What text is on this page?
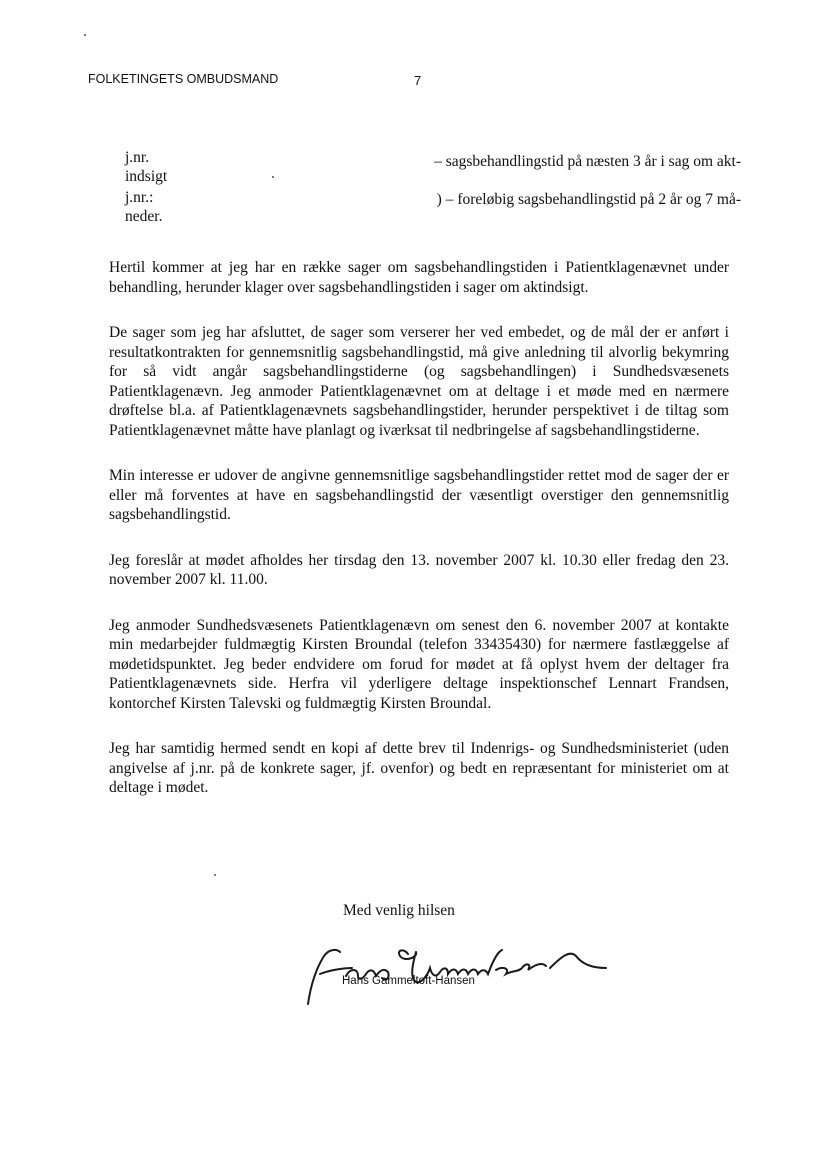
FOLKETINGETS OMBUDSMAND	7
j.nr.
indsigt
– sagsbehandlingstid på næsten 3 år i sag om akt-
j.nr.:
neder.
) – foreløbig sagsbehandlingstid på 2 år og 7 må-

Hertil kommer at jeg har en række sager om sagsbehandlingstiden i Patientklagenævnet under behandling, herunder klager over sagsbehandlingstiden i sager om aktindsigt.

De sager som jeg har afsluttet, de sager som verserer her ved embedet, og de mål der er anført i resultatkontrakten for gennemsnitlig sagsbehandlingstid, må give anledning til alvorlig bekymring for så vidt angår sagsbehandlingstiderne (og sagsbehandlingen) i Sundhedsvæsenets Patientklagenævn. Jeg anmoder Patientklagenævnet om at deltage i et møde med en nærmere drøftelse bl.a. af Patientklagenævnets sagsbehandlingstider, herunder perspektivet i de tiltag som Patientklagenævnet måtte have planlagt og iværksat til nedbringelse af sagsbehandlingstiderne.

Min interesse er udover de angivne gennemsnitlige sagsbehandlingstider rettet mod de sager der er eller må forventes at have en sagsbehandlingstid der væsentligt overstiger den gennemsnitlig sagsbehandlingstid.

Jeg foreslår at mødet afholdes her tirsdag den 13. november 2007 kl. 10.30 eller fredag den 23. november 2007 kl. 11.00.

Jeg anmoder Sundhedsvæsenets Patientklagenævn om senest den 6. november 2007 at kontakte min medarbejder fuldmægtig Kirsten Broundal (telefon 33435430) for nærmere fastlæggelse af mødetidspunktet. Jeg beder endvidere om forud for mødet at få oplyst hvem der deltager fra Patientklagenævnets side. Herfra vil yderligere deltage inspektionschef Lennart Frandsen, kontorchef Kirsten Talevski og fuldmægtig Kirsten Broundal.

Jeg har samtidig hermed sendt en kopi af dette brev til Indenrigs- og Sundhedsministeriet (uden angivelse af j.nr. på de konkrete sager, jf. ovenfor) og bedt en repræsentant for ministeriet om at deltage i mødet.

Med venlig hilsen
Hans Gammeltoft-Hansen
